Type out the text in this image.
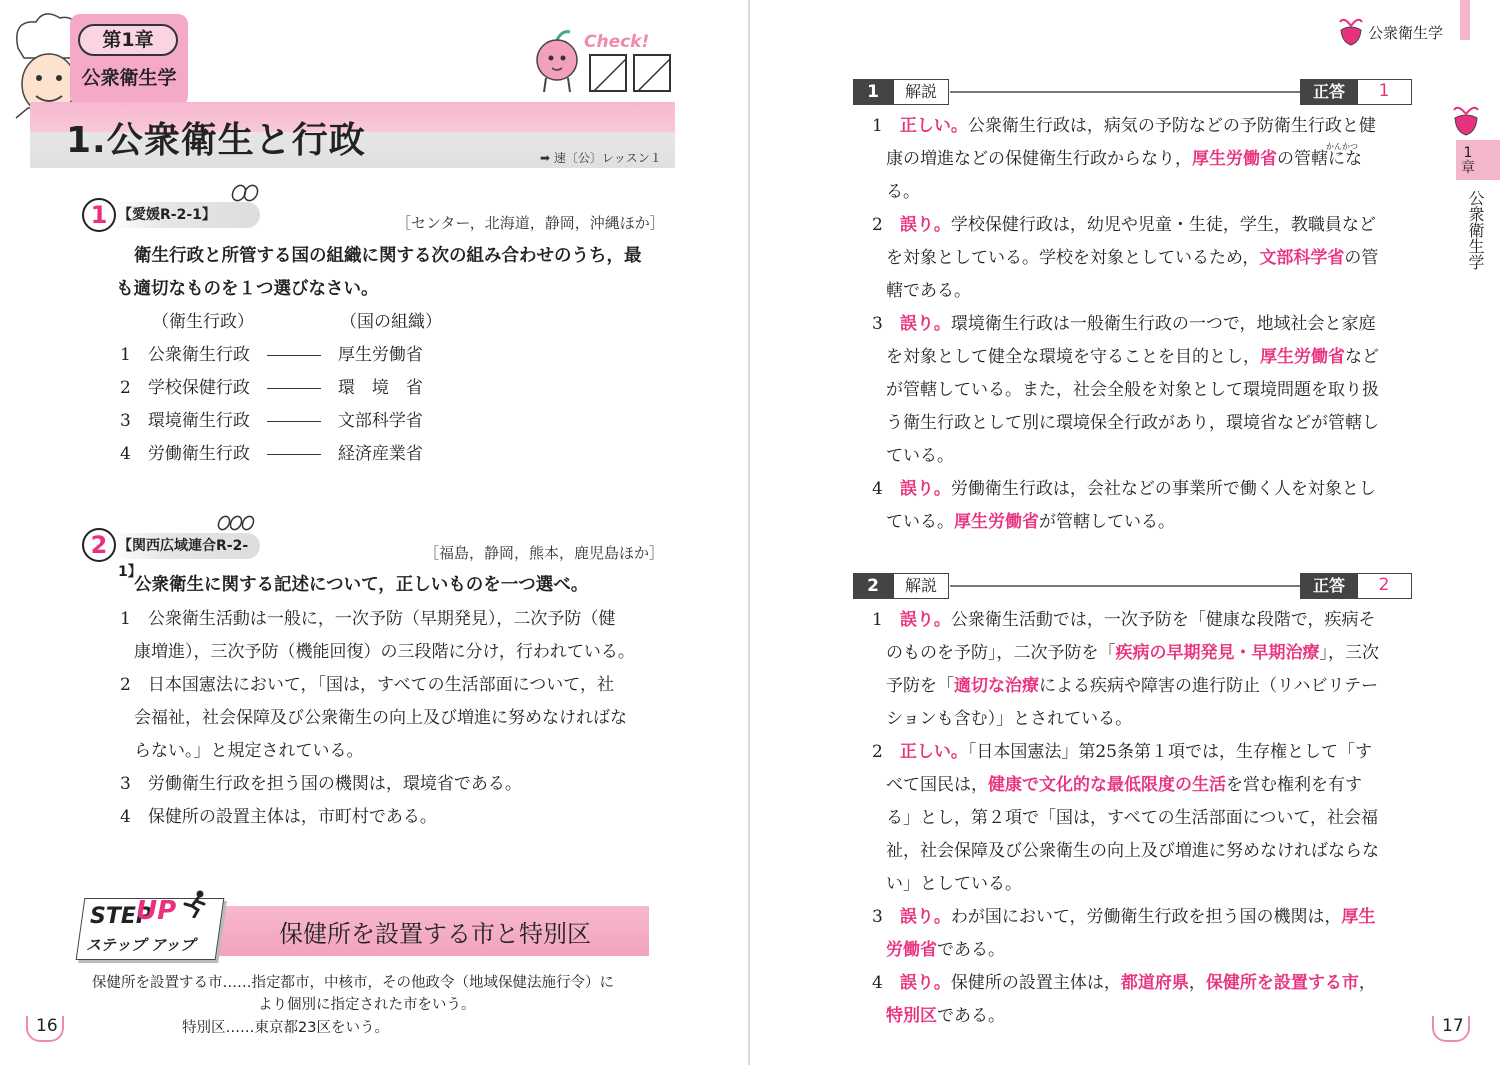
第1章
公衆衛生学
Check!
1.公衆衛生と行政	➡ 速〔公〕レッスン１
【愛媛R-2-1】
1	［センター，北海道，静岡，沖縄ほか］
衛生行政と所管する国の組織に関する次の組み合わせのうち，最
も適切なものを１つ選びなさい。
（衛生行政）	（国の組織）
1　 公衆衛生行政　　	厚生労働省
2　 学校保健行政　　	環　境　省
3　 環境衛生行政　　	文部科学省
4　 労働衛生行政　　	経済産業省
【関西広域連合R-2-1】
2	［福島，静岡，熊本，鹿児島ほか］
公衆衛生に関する記述について，正しいものを一つ選べ。
1　 公衆衛生活動は一般に，一次予防（早期発見），二次予防（健
康増進），三次予防（機能回復）の三段階に分け，行われている。
2　 日本国憲法において，「国は，すべての生活部面について，社
会福祉，社会保障及び公衆衛生の向上及び増進に努めなければな
らない。」と規定されている。
3　 労働衛生行政を担う国の機関は，環境省である。
4　 保健所の設置主体は，市町村である。
STEP
UP
ステップ アップ	保健所を設置する市と特別区
保健所を設置する市……指定都市，中核市，その他政令（地域保健法施行令）に
より個別に指定された市をいう。
特別区……東京都23区をいう。
16
公衆衛生学
1
章
公衆衛生学
1	解説	正答	1
1　 正しい。公衆衛生行政は，病気の予防などの予防衛生行政と健
かんかつ
康の増進などの保健衛生行政からなり，厚生労働省の管轄にな
る。
2　 誤り。学校保健行政は，幼児や児童・生徒，学生，教職員など
を対象としている。学校を対象としているため，文部科学省の管
轄である。
3　 誤り。環境衛生行政は一般衛生行政の一つで，地域社会と家庭
を対象として健全な環境を守ることを目的とし，厚生労働省など
が管轄している。また，社会全般を対象として環境問題を取り扱
う衛生行政として別に環境保全行政があり，環境省などが管轄し
ている。
4　 誤り。労働衛生行政は，会社などの事業所で働く人を対象とし
ている。厚生労働省が管轄している。
2	解説	正答	2
1　 誤り。公衆衛生活動では，一次予防を「健康な段階で，疾病そ
のものを予防」，二次予防を「疾病の早期発見・早期治療」，三次
予防を「適切な治療による疾病や障害の進行防止（リハビリテー
ションも含む）」とされている。
2　 正しい。「日本国憲法」第25条第１項では，生存権として「す
べて国民は，健康で文化的な最低限度の生活を営む権利を有す
る」とし，第２項で「国は，すべての生活部面について，社会福
祉，社会保障及び公衆衛生の向上及び増進に努めなければならな
い」としている。
3　 誤り。わが国において，労働衛生行政を担う国の機関は，厚生
労働省である。
4　 誤り。保健所の設置主体は，都道府県，保健所を設置する市，
特別区である。	17
